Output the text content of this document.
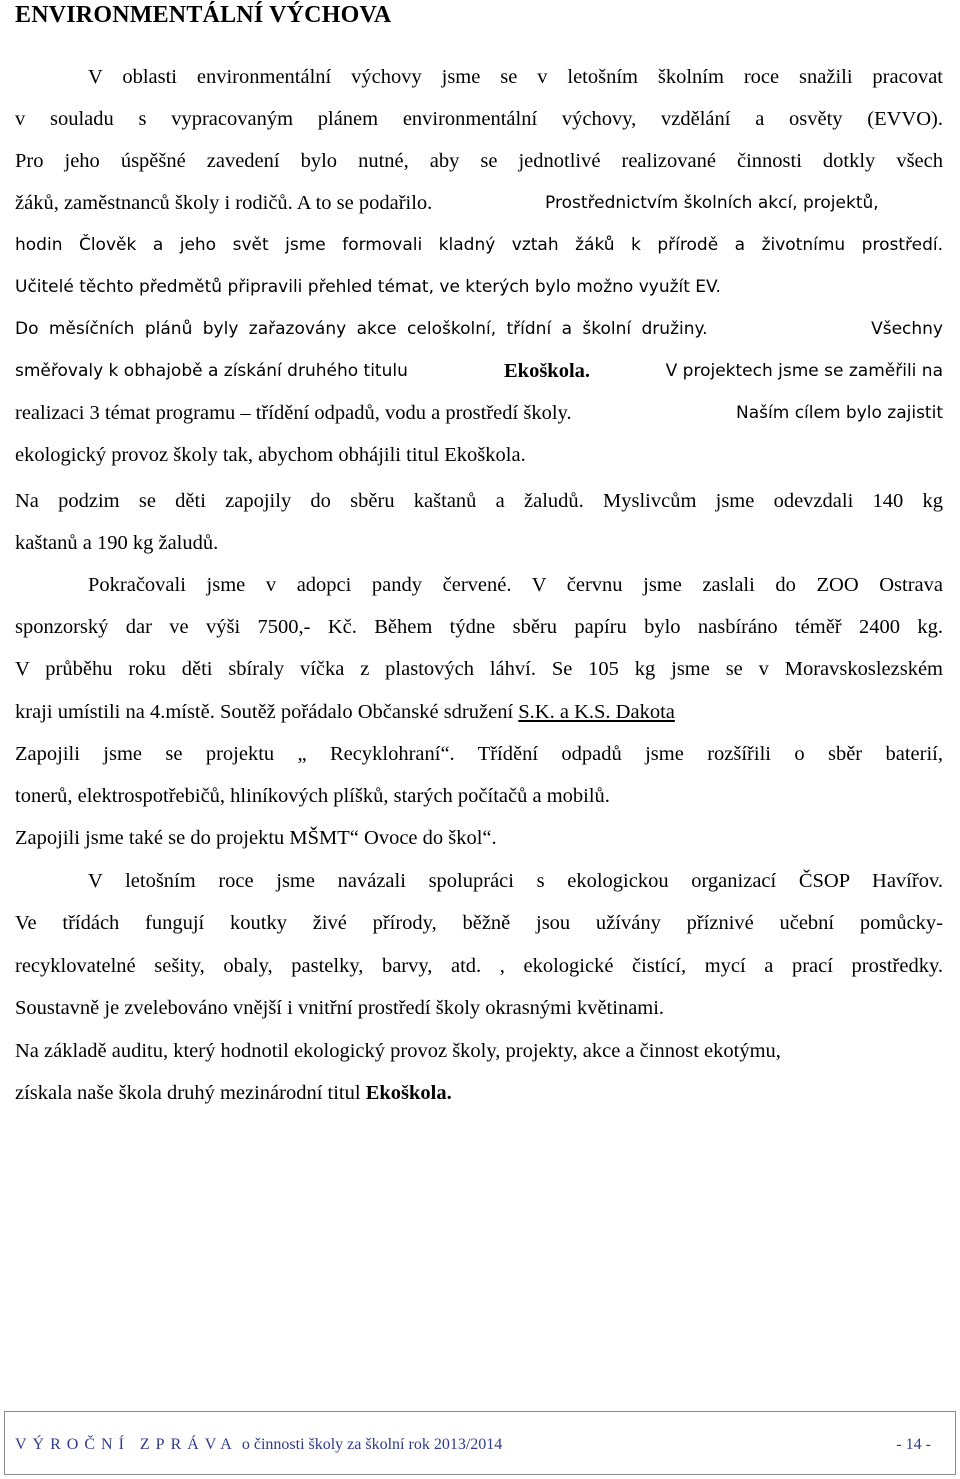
ENVIRONMENTÁLNÍ VÝCHOVA
V oblasti environmentální výchovy jsme se v letošním školním roce snažili pracovat
v souladu s vypracovaným plánem environmentální výchovy, vzdělání a osvěty (EVVO).
Pro jeho úspěšné zavedení bylo nutné, aby se jednotlivé realizované činnosti dotkly všech
žáků, zaměstnanců školy i rodičů. A to se podařilo.	Prostřednictvím školních akcí, projektů,
hodin Člověk a jeho svět jsme formovali kladný vztah žáků k přírodě a životnímu prostředí.
Učitelé těchto předmětů připravili přehled témat, ve kterých bylo možno využít EV.
Do měsíčních plánů byly zařazovány akce celoškolní, třídní a školní družiny.	Všechny
směřovaly k obhajobě a získání druhého titulu	Ekoškola.	V projektech jsme se zaměřili na
realizaci 3 témat programu – třídění odpadů, vodu a prostředí školy.	Naším cílem bylo zajistit
ekologický provoz školy tak, abychom obhájili titul Ekoškola.
Na podzim se děti zapojily do sběru kaštanů a žaludů. Myslivcům jsme odevzdali 140 kg
kaštanů a 190 kg žaludů.
Pokračovali jsme v adopci pandy červené. V červnu jsme zaslali do ZOO Ostrava
sponzorský dar ve výši 7500,- Kč. Během týdne sběru papíru bylo nasbíráno téměř 2400 kg.
V průběhu roku děti sbíraly víčka z plastových láhví. Se 105 kg jsme se v Moravskoslezském
kraji umístili na 4.místě. Soutěž pořádalo Občanské sdružení S.K. a K.S. Dakota
Zapojili jsme se projektu „ Recyklohraní“. Třídění odpadů jsme rozšířili o sběr baterií,
tonerů, elektrospotřebičů, hliníkových plíšků, starých počítačů a mobilů.
Zapojili jsme také se do projektu MŠMT“ Ovoce do škol“.
V letošním roce jsme navázali spolupráci s ekologickou organizací ČSOP Havířov.
Ve třídách fungují koutky živé přírody, běžně jsou užívány příznivé učební pomůcky-
recyklovatelné sešity, obaly, pastelky, barvy, atd. , ekologické čistící, mycí a prací prostředky.
Soustavně je zvelebováno vnější i vnitřní prostředí školy okrasnými květinami.
Na základě auditu, který hodnotil ekologický provoz školy, projekty, akce a činnost ekotýmu,
získala naše škola druhý mezinárodní titul Ekoškola.
VÝROČNÍ ZPRÁVA o činnosti školy za školní rok 2013/2014	- 14 -
